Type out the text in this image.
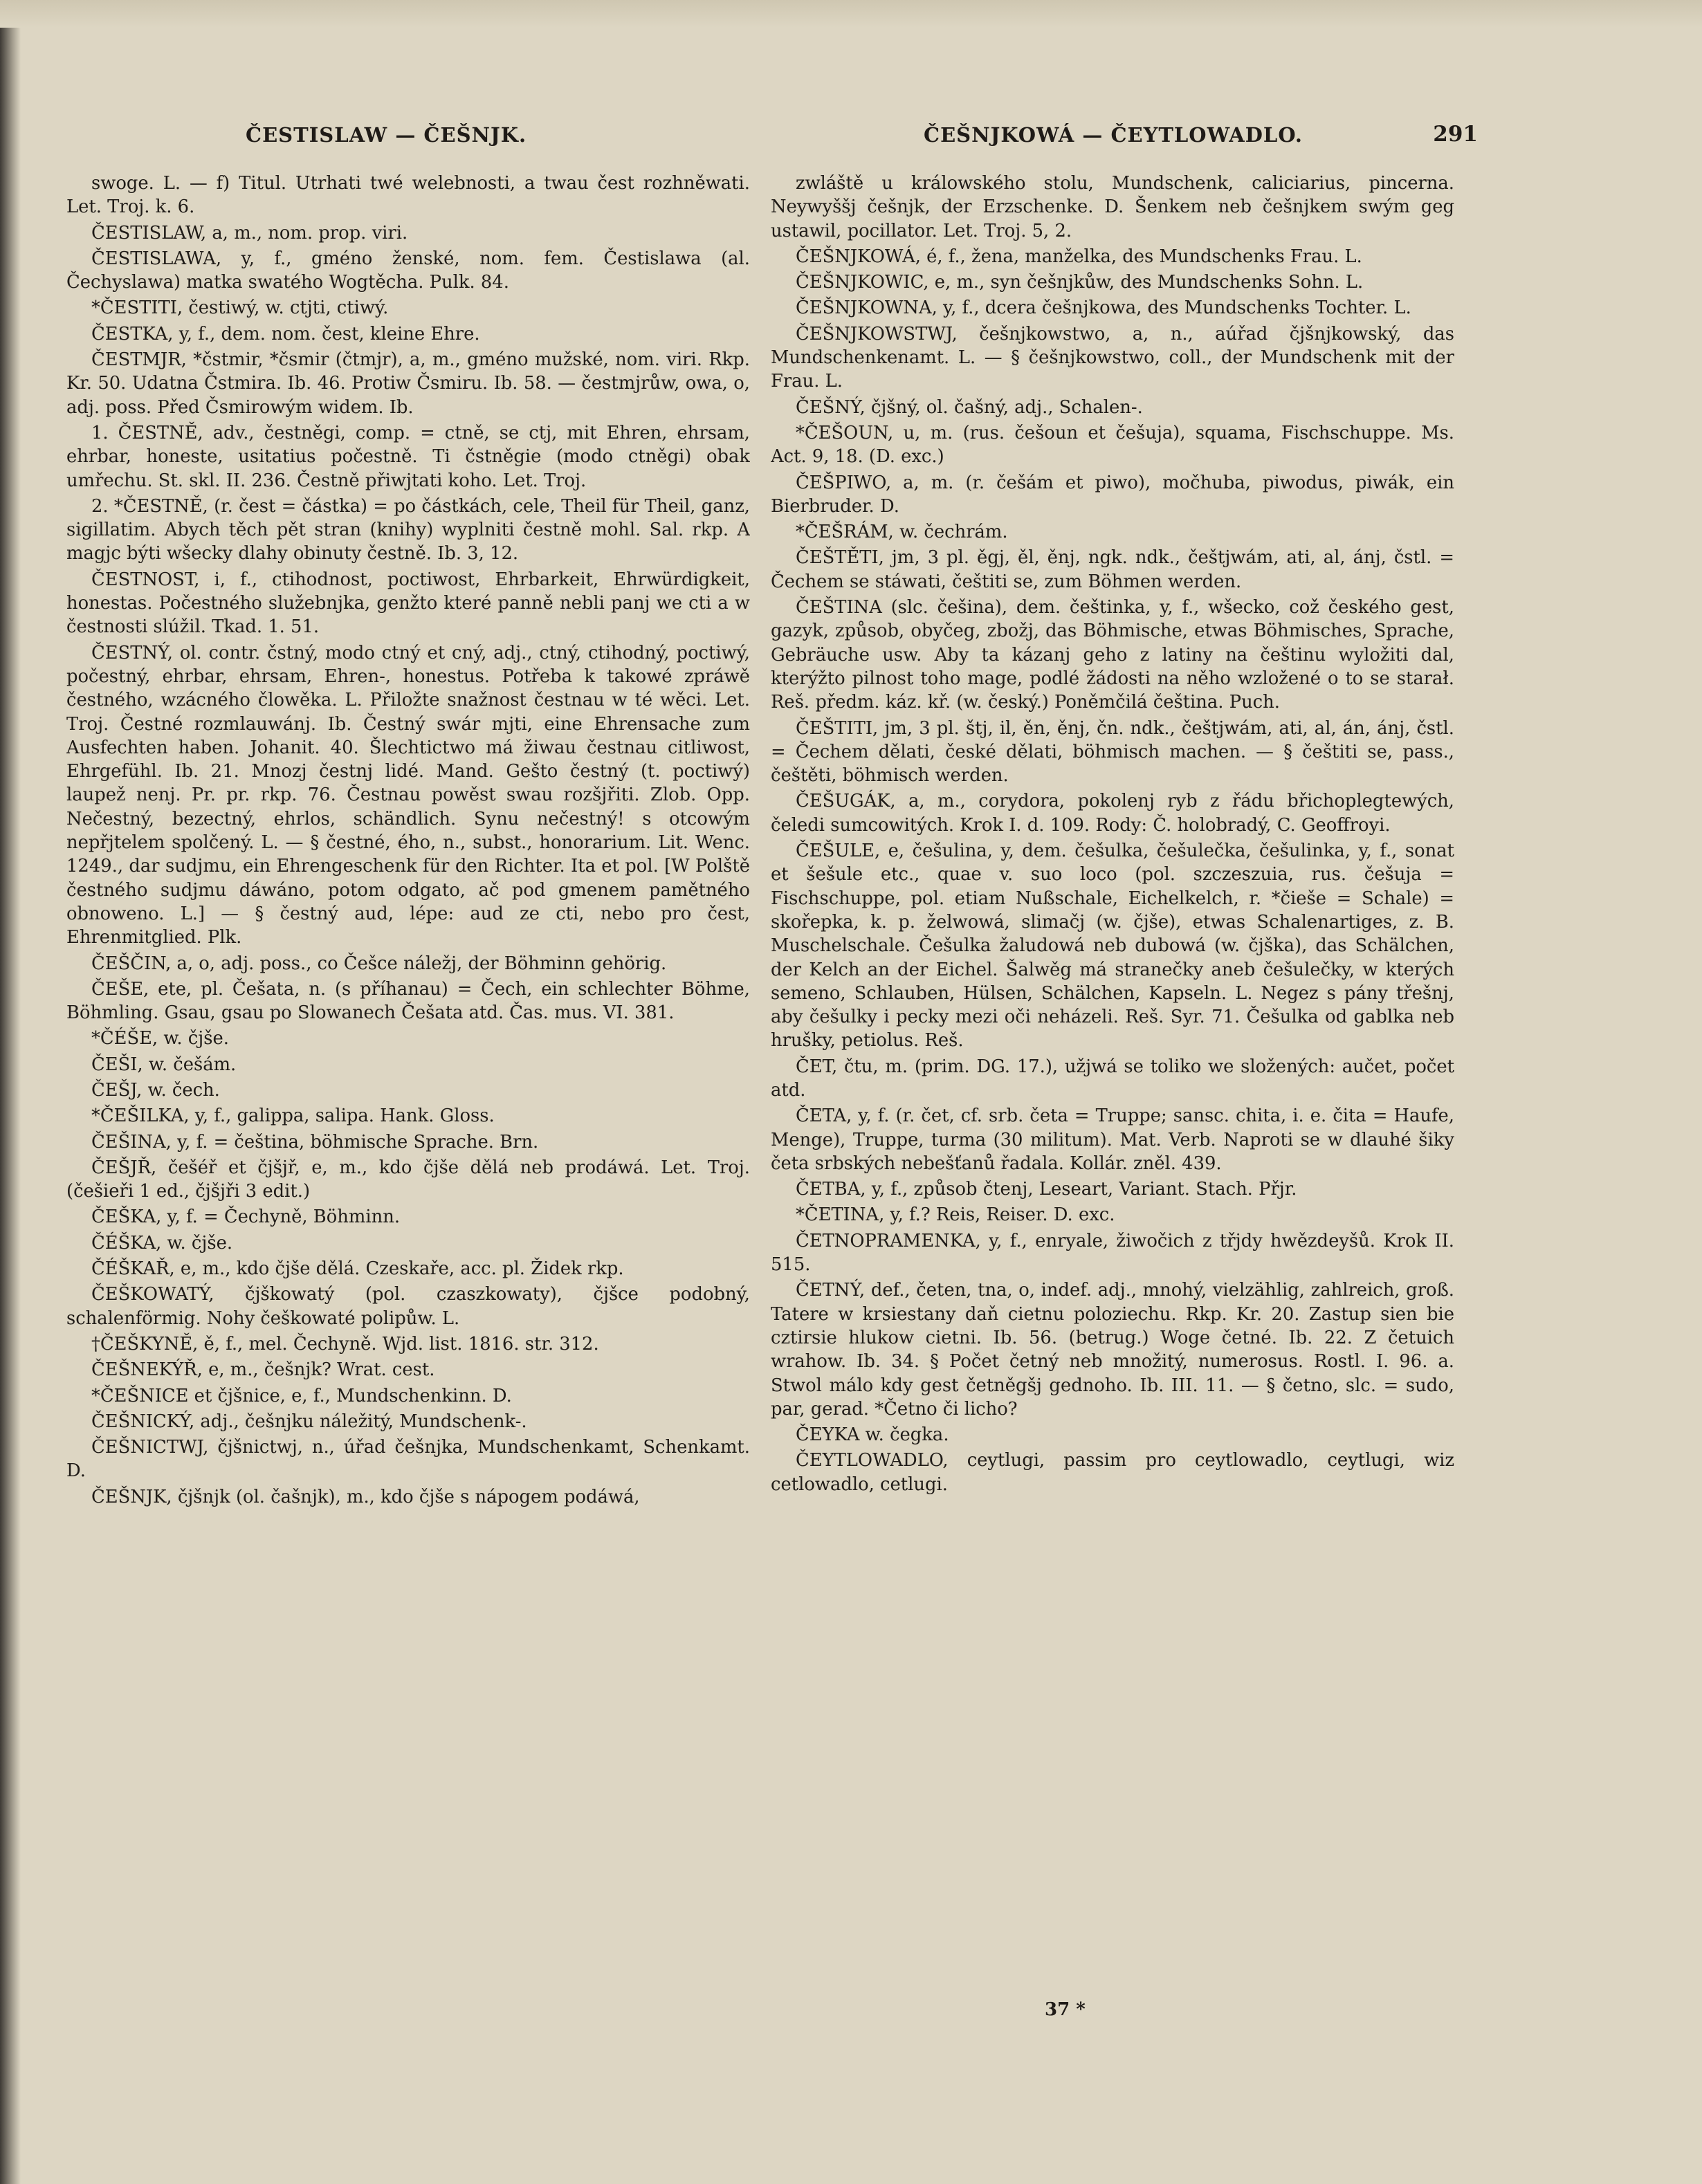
ČESTISLAW — ČEŠNJK.	ČEŠNJKOWÁ — ČEYTLOWADLO.	291

swoge. L. — f) Titul. Utrhati twé welebnosti, a twau čest rozhněwati. Let. Troj. k. 6.

ČESTISLAW, a, m., nom. prop. viri.

ČESTISLAWA, y, f., gméno ženské, nom. fem. Čestislawa (al. Čechyslawa) matka swatého Wogtěcha. Pulk. 84.

*ČESTITI, čestiwý, w. ctjti, ctiwý.

ČESTKA, y, f., dem. nom. čest, kleine Ehre.

ČESTMJR, *čstmir, *čsmir (čtmjr), a, m., gméno mužské, nom. viri. Rkp. Kr. 50. Udatna Čstmira. Ib. 46. Protiw Čsmiru. Ib. 58. — čestmjrůw, owa, o, adj. poss. Před Čsmirowým widem. Ib.

1. ČESTNĚ, adv., čestněgi, comp. = ctně, se ctj, mit Ehren, ehrsam, ehrbar, honeste, usitatius počestně. Ti čstněgie (modo ctněgi) obak umřechu. St. skl. II. 236. Čestně přiwjtati koho. Let. Troj.

2. *ČESTNĚ, (r. čest = částka) = po částkách, cele, Theil für Theil, ganz, sigillatim. Abych těch pět stran (knihy) wyplniti čestně mohl. Sal. rkp. A magjc býti wšecky dlahy obinuty čestně. Ib. 3, 12.

ČESTNOST, i, f., ctihodnost, poctiwost, Ehrbarkeit, Ehrwürdigkeit, honestas. Počestného služebnjka, genžto které panně nebli panj we cti a w čestnosti slúžil. Tkad. 1. 51.

ČESTNÝ, ol. contr. čstný, modo ctný et cný, adj., ctný, ctihodný, poctiwý, počestný, ehrbar, ehrsam, Ehren-, honestus. Potřeba k takowé zpráwě čestného, wzácného člowěka. L. Přiložte snažnost čestnau w té wěci. Let. Troj. Čestné rozmlauwánj. Ib. Čestný swár mjti, eine Ehrensache zum Ausfechten haben. Johanit. 40. Šlechtictwo má žiwau čestnau citliwost, Ehrgefühl. Ib. 21. Mnozj čestnj lidé. Mand. Gešto čestný (t. poctiwý) laupež nenj. Pr. pr. rkp. 76. Čestnau powěst swau rozšjřiti. Zlob. Opp. Nečestný, bezectný, ehrlos, schändlich. Synu nečestný! s otcowým nepřjtelem spolčený. L. — § čestné, ého, n., subst., honorarium. Lit. Wenc. 1249., dar sudjmu, ein Ehrengeschenk für den Richter. Ita et pol. [W Polště čestného sudjmu dáwáno, potom odgato, ač pod gmenem pamětného obnoweno. L.] — § čestný aud, lépe: aud ze cti, nebo pro čest, Ehrenmitglied. Plk.

ČEŠČIN, a, o, adj. poss., co Češce náležj, der Böhminn gehörig.

ČEŠE, ete, pl. Češata, n. (s příhanau) = Čech, ein schlechter Böhme, Böhmling. Gsau, gsau po Slowanech Češata atd. Čas. mus. VI. 381.

*ČÉŠE, w. čjše.

ČEŠI, w. češám.

ČEŠJ, w. čech.

*ČEŠILKA, y, f., galippa, salipa. Hank. Gloss.

ČEŠINA, y, f. = čeština, böhmische Sprache. Brn.

ČEŠJŘ, češéř et čjšjř, e, m., kdo čjše dělá neb prodáwá. Let. Troj. (češieři 1 ed., čjšjři 3 edit.)

ČEŠKA, y, f. = Čechyně, Böhminn.

ČÉŠKA, w. čjše.

ČÉŠKAŘ, e, m., kdo čjše dělá. Czeskaře, acc. pl. Židek rkp.

ČEŠKOWATÝ, čjškowatý (pol. czaszkowaty), čjšce podobný, schalenförmig. Nohy češkowaté polipůw. L.

†ČEŠKYNĚ, ě, f., mel. Čechyně. Wjd. list. 1816. str. 312.

ČEŠNEKÝŘ, e, m., češnjk? Wrat. cest.

*ČEŠNICE et čjšnice, e, f., Mundschenkinn. D.

ČEŠNICKÝ, adj., češnjku náležitý, Mundschenk-.

ČEŠNICTWJ, čjšnictwj, n., úřad češnjka, Mundschenkamt, Schenkamt. D.

ČEŠNJK, čjšnjk (ol. čašnjk), m., kdo čjše s nápogem podáwá,

zwláště u králowského stolu, Mundschenk, caliciarius, pincerna. Neywyššj češnjk, der Erzschenke. D. Šenkem neb češnjkem swým geg ustawil, pocillator. Let. Troj. 5, 2.

ČEŠNJKOWÁ, é, f., žena, manželka, des Mundschenks Frau. L.

ČEŠNJKOWIC, e, m., syn češnjkůw, des Mundschenks Sohn. L.

ČEŠNJKOWNA, y, f., dcera češnjkowa, des Mundschenks Tochter. L.

ČEŠNJKOWSTWJ, češnjkowstwo, a, n., aúřad čjšnjkowský, das Mundschenkenamt. L. — § češnjkowstwo, coll., der Mundschenk mit der Frau. L.

ČEŠNÝ, čjšný, ol. čašný, adj., Schalen-.

*ČEŠOUN, u, m. (rus. češoun et češuja), squama, Fischschuppe. Ms. Act. 9, 18. (D. exc.)

ČEŠPIWO, a, m. (r. češám et piwo), močhuba, piwodus, piwák, ein Bierbruder. D.

*ČEŠRÁM, w. čechrám.

ČEŠTĚTI, jm, 3 pl. ěgj, ěl, ěnj, ngk. ndk., češtjwám, ati, al, ánj, čstl. = Čechem se stáwati, češtiti se, zum Böhmen werden.

ČEŠTINA (slc. češina), dem. češtinka, y, f., wšecko, což českého gest, gazyk, způsob, obyčeg, zbožj, das Böhmische, etwas Böhmisches, Sprache, Gebräuche usw. Aby ta kázanj geho z latiny na češtinu wyložiti dal, kterýžto pilnost toho mage, podlé žádosti na něho wzložené o to se starał. Reš. předm. káz. kř. (w. český.) Poněmčilá čeština. Puch.

ČEŠTITI, jm, 3 pl. štj, il, ěn, ěnj, čn. ndk., češtjwám, ati, al, án, ánj, čstl. = Čechem dělati, české dělati, böhmisch machen. — § češtiti se, pass., češtěti, böhmisch werden.

ČEŠUGÁK, a, m., corydora, pokolenj ryb z řádu břichoplegtewých, čeledi sumcowitých. Krok I. d. 109. Rody: Č. holobradý, C. Geoffroyi.

ČEŠULE, e, češulina, y, dem. češulka, češulečka, češulinka, y, f., sonat et šešule etc., quae v. suo loco (pol. szczeszuia, rus. češuja = Fischschuppe, pol. etiam Nußschale, Eichelkelch, r. *čieše = Schale) = skořepka, k. p. želwowá, slimačj (w. čjše), etwas Schalenartiges, z. B. Muschelschale. Češulka žaludowá neb dubowá (w. čjška), das Schälchen, der Kelch an der Eichel. Šalwěg má stranečky aneb češulečky, w kterých semeno, Schlauben, Hülsen, Schälchen, Kapseln. L. Negez s pány třešnj, aby češulky i pecky mezi oči neházeli. Reš. Syr. 71. Češulka od gablka neb hrušky, petiolus. Reš.

ČET, čtu, m. (prim. DG. 17.), užjwá se toliko we složených: aučet, počet atd.

ČETA, y, f. (r. čet, cf. srb. četa = Truppe; sansc. chita, i. e. čita = Haufe, Menge), Truppe, turma (30 militum). Mat. Verb. Naproti se w dlauhé šiky četa srbských nebešťanů řadala. Kollár. zněl. 439.

ČETBA, y, f., způsob čtenj, Leseart, Variant. Stach. Přjr.

*ČETINA, y, f.? Reis, Reiser. D. exc.

ČETNOPRAMENKA, y, f., enryale, žiwočich z třjdy hwězdeyšů. Krok II. 515.

ČETNÝ, def., četen, tna, o, indef. adj., mnohý, vielzählig, zahlreich, groß. Tatere w krsiestany daň cietnu poloziechu. Rkp. Kr. 20. Zastup sien bie cztirsie hlukow cietni. Ib. 56. (betrug.) Woge četné. Ib. 22. Z četuich wrahow. Ib. 34. § Počet četný neb množitý, numerosus. Rostl. I. 96. a. Stwol málo kdy gest četněgšj gednoho. Ib. III. 11. — § četno, slc. = sudo, par, gerad. *Četno či licho?

ČEYKA w. čegka.

ČEYTLOWADLO, ceytlugi, passim pro ceytlowadlo, ceytlugi, wiz cetlowadlo, cetlugi.

37 *
